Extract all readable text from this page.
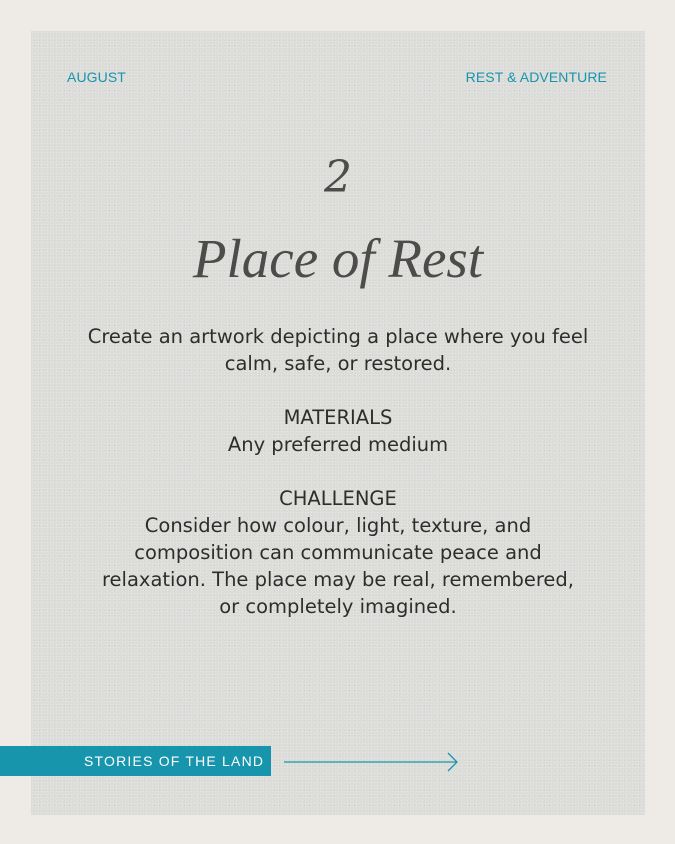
AUGUST	REST & ADVENTURE
2
Place of Rest
Create an artwork depicting a place where you feel
calm, safe, or restored.
MATERIALS
Any preferred medium
CHALLENGE
Consider how colour, light, texture, and
composition can communicate peace and
relaxation. The place may be real, remembered,
or completely imagined.
STORIES OF THE LAND
